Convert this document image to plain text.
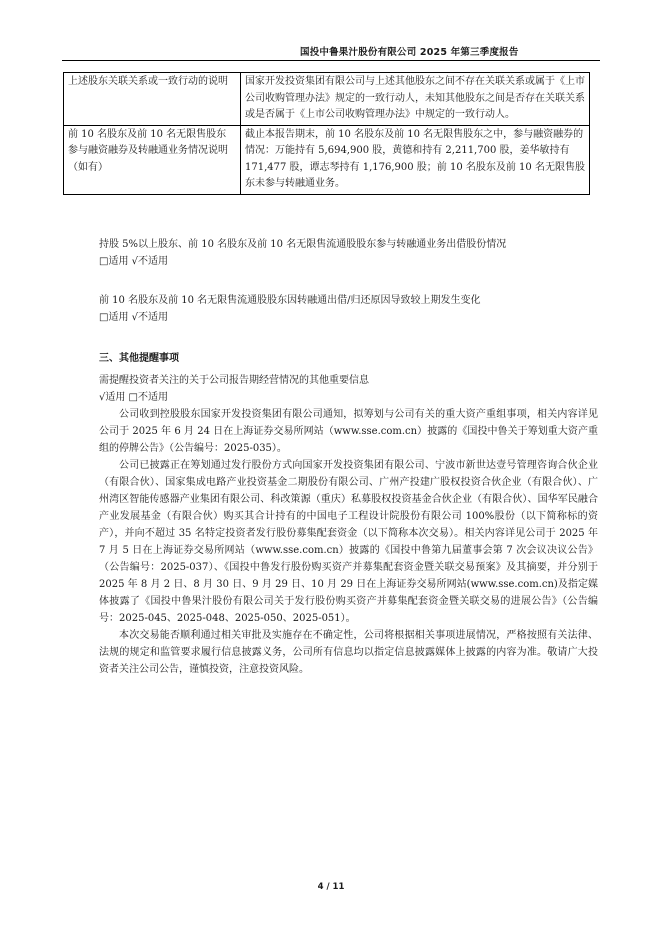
国投中鲁果汁股份有限公司 2025 年第三季度报告
上述股东关联关系或一致行动的说明	国家开发投资集团有限公司与上述其他股东之间不存在关联关系或属于《上市公司收购管理办法》规定的一致行动人，未知其他股东之间是否存在关联关系或是否属于《上市公司收购管理办法》中规定的一致行动人。
前 10 名股东及前 10 名无限售股东参与融资融券及转融通业务情况说明（如有）	截止本报告期末，前 10 名股东及前 10 名无限售股东之中，参与融资融券的情况：万能持有 5,694,900 股，黄德和持有 2,211,700 股，姜华敏持有 171,477 股，谭志琴持有 1,176,900 股；前 10 名股东及前 10 名无限售股东未参与转融通业务。
持股 5%以上股东、前 10 名股东及前 10 名无限售流通股股东参与转融通业务出借股份情况
□适用 √不适用
前 10 名股东及前 10 名无限售流通股股东因转融通出借/归还原因导致较上期发生变化
□适用 √不适用
三、其他提醒事项
需提醒投资者关注的关于公司报告期经营情况的其他重要信息
√适用 □不适用

公司收到控股股东国家开发投资集团有限公司通知，拟筹划与公司有关的重大资产重组事项，相关内容详见公司于 2025 年 6 月 24 日在上海证券交易所网站（www.sse.com.cn）披露的《国投中鲁关于筹划重大资产重组的停牌公告》（公告编号：2025-035）。

公司已披露正在筹划通过发行股份方式向国家开发投资集团有限公司、宁波市新世达壹号管理咨询合伙企业（有限合伙）、国家集成电路产业投资基金二期股份有限公司、广州产投建广股权投资合伙企业（有限合伙）、广州湾区智能传感器产业集团有限公司、科改策源（重庆）私募股权投资基金合伙企业（有限合伙）、国华军民融合产业发展基金（有限合伙）购买其合计持有的中国电子工程设计院股份有限公司 100%股份（以下简称标的资产），并向不超过 35 名特定投资者发行股份募集配套资金（以下简称本次交易）。相关内容详见公司于 2025 年 7 月 5 日在上海证券交易所网站（www.sse.com.cn）披露的《国投中鲁第九届董事会第 7 次会议决议公告》（公告编号：2025-037）、《国投中鲁发行股份购买资产并募集配套资金暨关联交易预案》及其摘要，并分别于 2025 年 8 月 2 日、8 月 30 日、9 月 29 日、10 月 29 日在上海证券交易所网站(www.sse.com.cn)及指定媒体披露了《国投中鲁果汁股份有限公司关于发行股份购买资产并募集配套资金暨关联交易的进展公告》（公告编号：2025-045、2025-048、2025-050、2025-051）。

本次交易能否顺利通过相关审批及实施存在不确定性，公司将根据相关事项进展情况，严格按照有关法律、法规的规定和监管要求履行信息披露义务，公司所有信息均以指定信息披露媒体上披露的内容为准。敬请广大投资者关注公司公告，谨慎投资，注意投资风险。

4 / 11
